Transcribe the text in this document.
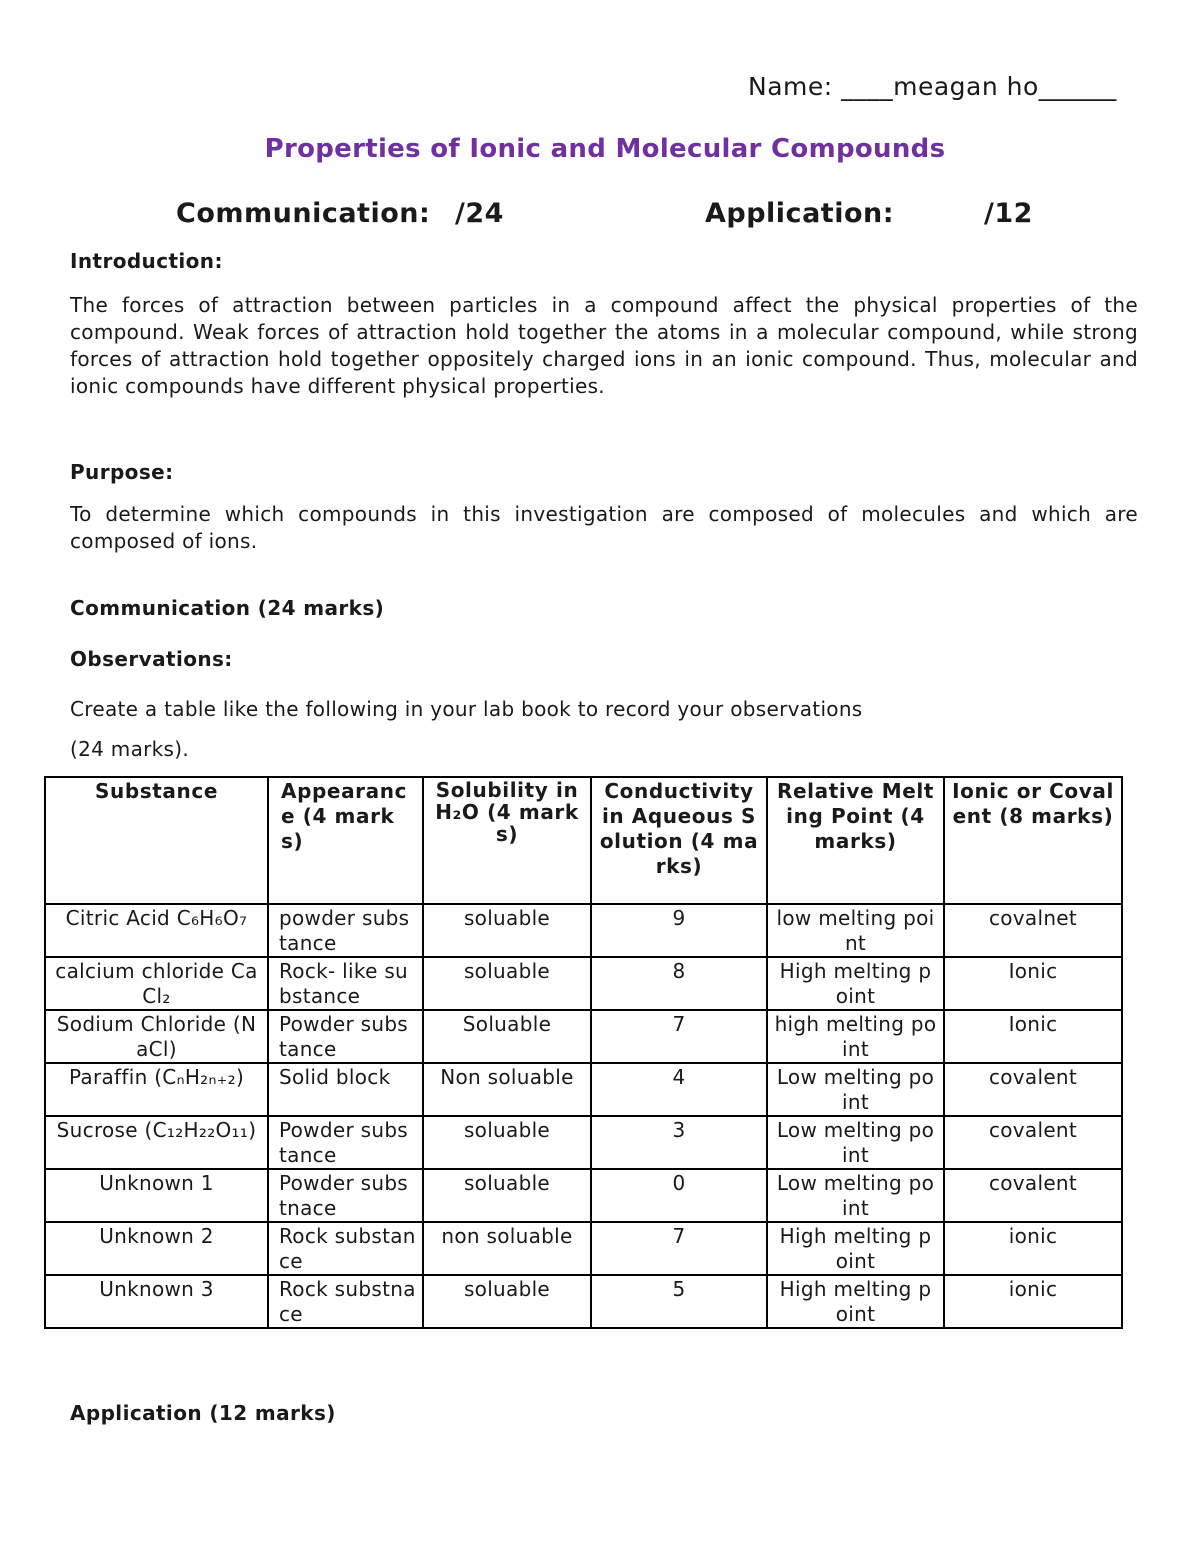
Name: ____meagan ho______
Properties of Ionic and Molecular Compounds
Communication: /24	Application:	/12
Introduction:
The forces of attraction between particles in a compound affect the physical properties of the compound. Weak forces of attraction hold together the atoms in a molecular compound, while strong forces of attraction hold together oppositely charged ions in an ionic compound. Thus, molecular and ionic compounds have different physical properties.
Purpose:
To determine which compounds in this investigation are composed of molecules and which are composed of ions.
Communication (24 marks)
Observations:
Create a table like the following in your lab book to record your observations
(24 marks).
Substance	Appearance (4 marks)	Solubility in H₂O (4 marks)	Conductivity in Aqueous Solution (4 marks)	Relative Melting Point (4 marks)	Ionic or Covalent (8 marks)
Citric Acid C₆H₆O₇	powder substance	soluable	9	low melting point	covalnet
calcium chloride CaCl₂	Rock- like substance	soluable	8	High melting point	Ionic
Sodium Chloride (NaCl)	Powder substance	Soluable	7	high melting point	Ionic
Paraffin (CₙH₂ₙ₊₂)	Solid block	Non soluable	4	Low melting point	covalent
Sucrose (C₁₂H₂₂O₁₁)	Powder substance	soluable	3	Low melting point	covalent
Unknown 1	Powder substnace	soluable	0	Low melting point	covalent
Unknown 2	Rock substance	non soluable	7	High melting point	ionic
Unknown 3	Rock substnace	soluable	5	High melting point	ionic
Application (12 marks)
